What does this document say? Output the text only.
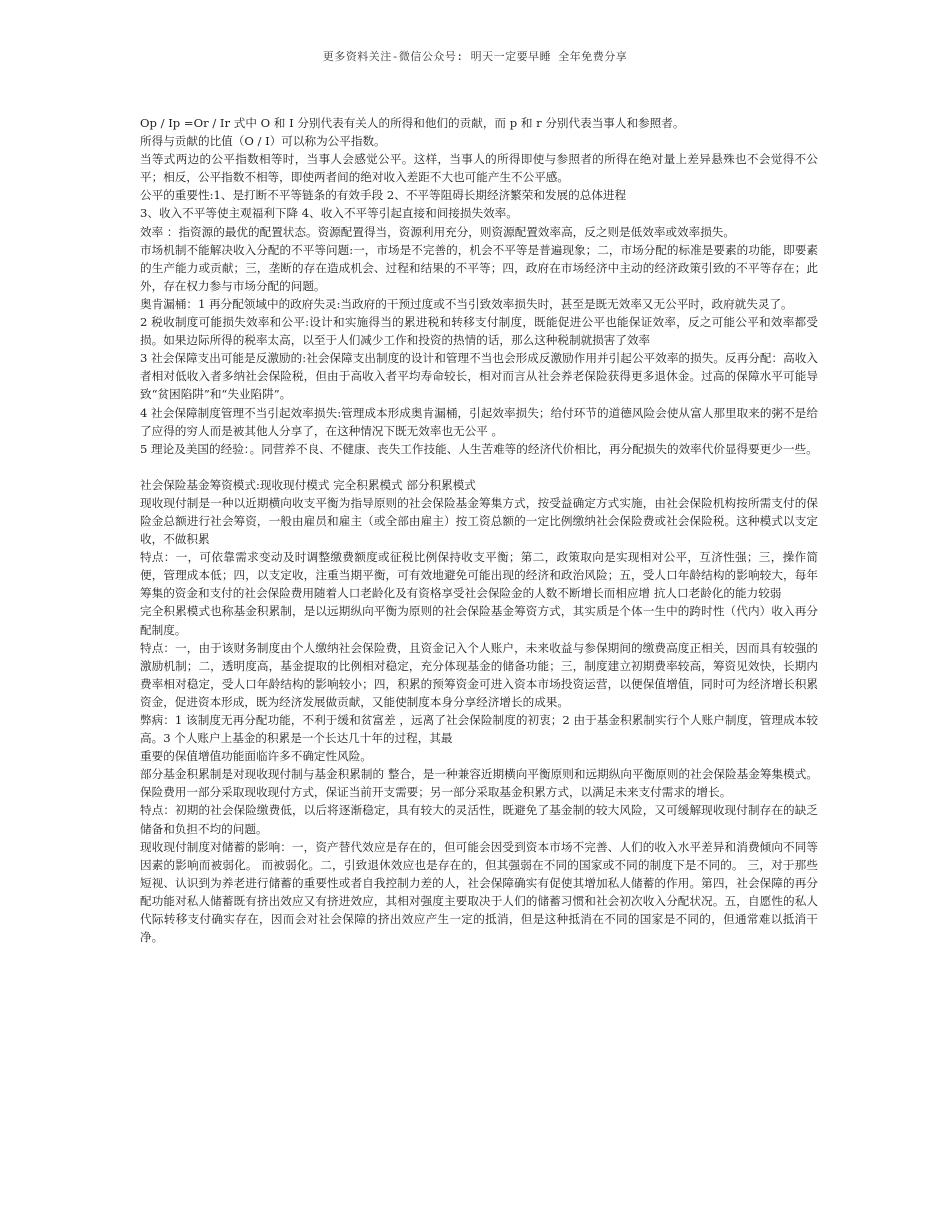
更多资料关注-微信公众号: 明天一定要早睡 全年免费分享

Op / Ip =Or / Ir 式中 O 和 I 分别代表有关人的所得和他们的贡献，而 p 和 r 分别代表当事人和参照者。

所得与贡献的比值（O / I）可以称为公平指数。

当等式两边的公平指数相等时，当事人会感觉公平。这样，当事人的所得即使与参照者的所得在绝对量上差异悬殊也不会觉得不公平；相反，公平指数不相等，即使两者间的绝对收入差距不大也可能产生不公平感。

公平的重要性:1、是打断不平等链条的有效手段 2、不平等阻碍长期经济繁荣和发展的总体进程

3、收入不平等使主观福利下降 4、收入不平等引起直接和间接损失效率。

效率 ：指资源的最优的配置状态。资源配置得当，资源利用充分，则资源配置效率高，反之则是低效率或效率损失。

市场机制不能解决收入分配的不平等问题:一，市场是不完善的，机会不平等是普遍现象；二，市场分配的标准是要素的功能，即要素的生产能力或贡献；三，垄断的存在造成机会、过程和结果的不平等；四，政府在市场经济中主动的经济政策引致的不平等存在；此外，存在权力参与市场分配的问题。

奥肯漏桶：1 再分配领域中的政府失灵:当政府的干预过度或不当引致效率损失时，甚至是既无效率又无公平时，政府就失灵了。

2 税收制度可能损失效率和公平:设计和实施得当的累进税和转移支付制度，既能促进公平也能保证效率，反之可能公平和效率都受损。如果边际所得的税率太高，以至于人们减少工作和投资的热情的话，那么这种税制就损害了效率

3 社会保障支出可能是反激励的:社会保障支出制度的设计和管理不当也会形成反激励作用并引起公平效率的损失。反再分配：高收入者相对低收入者多纳社会保险税，但由于高收入者平均寿命较长，相对而言从社会养老保险获得更多退休金。过高的保障水平可能导致“贫困陷阱”和“失业陷阱”。

4 社会保障制度管理不当引起效率损失:管理成本形成奥肯漏桶，引起效率损失；给付环节的道德风险会使从富人那里取来的粥不是给了应得的穷人而是被其他人分享了，在这种情况下既无效率也无公平 。

5 理论及美国的经验：。同营养不良、不健康、丧失工作技能、人生苦难等的经济代价相比，再分配损失的效率代价显得要更少一些。

社会保险基金筹资模式:现收现付模式 完全积累模式 部分积累模式

现收现付制是一种以近期横向收支平衡为指导原则的社会保险基金筹集方式，按受益确定方式实施，由社会保险机构按所需支付的保险金总额进行社会筹资，一般由雇员和雇主（或全部由雇主）按工资总额的一定比例缴纳社会保险费或社会保险税。这种模式以支定收，不做积累

特点：一，可依靠需求变动及时调整缴费额度或征税比例保持收支平衡；第二，政策取向是实现相对公平，互济性强；三，操作简便，管理成本低；四，以支定收，注重当期平衡，可有效地避免可能出现的经济和政治风险；五，受人口年龄结构的影响较大，每年筹集的资金和支付的社会保险费用随着人口老龄化及有资格享受社会保险金的人数不断增长而相应增 抗人口老龄化的能力较弱

完全积累模式也称基金积累制，是以远期纵向平衡为原则的社会保险基金筹资方式，其实质是个体一生中的跨时性（代内）收入再分配制度。

特点：一，由于该财务制度由个人缴纳社会保险费，且资金记入个人账户，未来收益与参保期间的缴费高度正相关，因而具有较强的激励机制；二，透明度高，基金提取的比例相对稳定，充分体现基金的储备功能；三，制度建立初期费率较高，筹资见效快，长期内费率相对稳定，受人口年龄结构的影响较小；四，积累的预筹资金可进入资本市场投资运营，以便保值增值，同时可为经济增长积累资金，促进资本形成，既为经济发展做贡献，又能使制度本身分享经济增长的成果。

弊病：1 该制度无再分配功能，不利于缓和贫富差 ，远离了社会保险制度的初衷；2 由于基金积累制实行个人账户制度，管理成本较高。3 个人账户上基金的积累是一个长达几十年的过程，其最

重要的保值增值功能面临许多不确定性风险。

部分基金积累制是对现收现付制与基金积累制的 整合，是一种兼容近期横向平衡原则和远期纵向平衡原则的社会保险基金筹集模式。保险费用一部分采取现收现付方式，保证当前开支需要；另一部分采取基金积累方式，以满足未来支付需求的增长。

特点：初期的社会保险缴费低，以后将逐渐稳定，具有较大的灵活性，既避免了基金制的较大风险，又可缓解现收现付制存在的缺乏储备和负担不均的问题。

现收现付制度对储蓄的影响：一，资产替代效应是存在的，但可能会因受到资本市场不完善、人们的收入水平差异和消费倾向不同等因素的影响而被弱化。 而被弱化。二，引致退休效应也是存在的，但其强弱在不同的国家或不同的制度下是不同的。 三，对于那些短视、认识到为养老进行储蓄的重要性或者自我控制力差的人，社会保障确实有促使其增加私人储蓄的作用。第四，社会保障的再分配功能对私人储蓄既有挤出效应又有挤进效应，其相对强度主要取决于人们的储蓄习惯和社会初次收入分配状况。五，自愿性的私人代际转移支付确实存在，因而会对社会保障的挤出效应产生一定的抵消，但是这种抵消在不同的国家是不同的，但通常难以抵消干净。
